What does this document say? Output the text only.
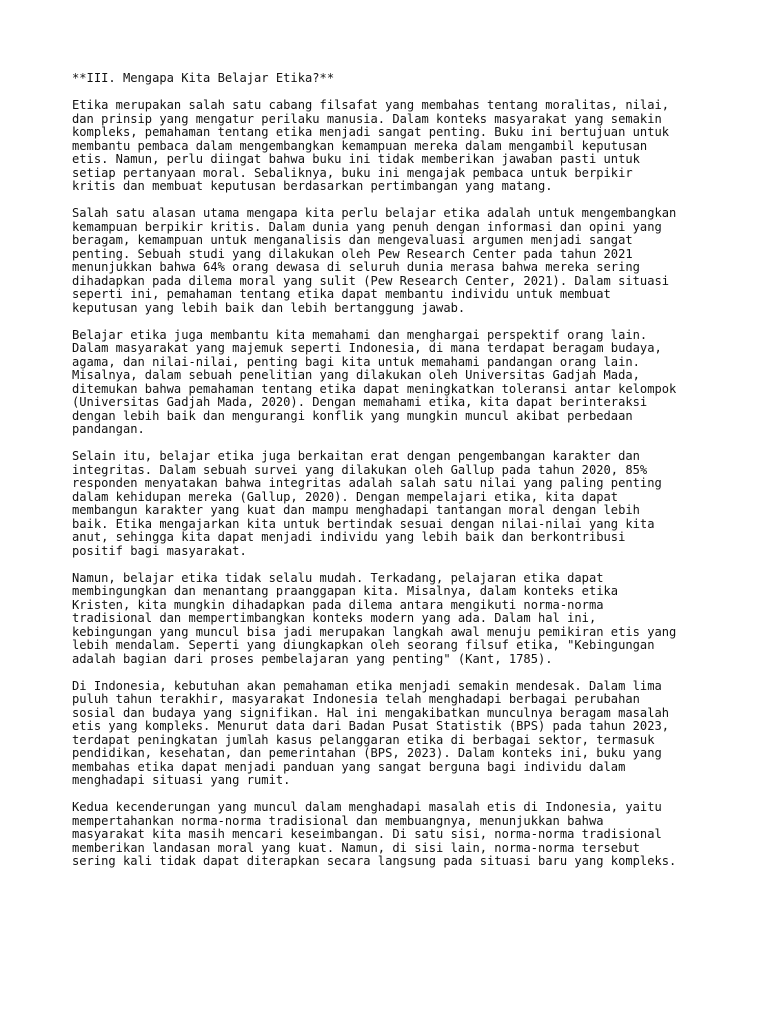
**III. Mengapa Kita Belajar Etika?**
Etika merupakan salah satu cabang filsafat yang membahas tentang moralitas, nilai,
dan prinsip yang mengatur perilaku manusia. Dalam konteks masyarakat yang semakin
kompleks, pemahaman tentang etika menjadi sangat penting. Buku ini bertujuan untuk
membantu pembaca dalam mengembangkan kemampuan mereka dalam mengambil keputusan
etis. Namun, perlu diingat bahwa buku ini tidak memberikan jawaban pasti untuk
setiap pertanyaan moral. Sebaliknya, buku ini mengajak pembaca untuk berpikir
kritis dan membuat keputusan berdasarkan pertimbangan yang matang.
Salah satu alasan utama mengapa kita perlu belajar etika adalah untuk mengembangkan
kemampuan berpikir kritis. Dalam dunia yang penuh dengan informasi dan opini yang
beragam, kemampuan untuk menganalisis dan mengevaluasi argumen menjadi sangat
penting. Sebuah studi yang dilakukan oleh Pew Research Center pada tahun 2021
menunjukkan bahwa 64% orang dewasa di seluruh dunia merasa bahwa mereka sering
dihadapkan pada dilema moral yang sulit (Pew Research Center, 2021). Dalam situasi
seperti ini, pemahaman tentang etika dapat membantu individu untuk membuat
keputusan yang lebih baik dan lebih bertanggung jawab.
Belajar etika juga membantu kita memahami dan menghargai perspektif orang lain.
Dalam masyarakat yang majemuk seperti Indonesia, di mana terdapat beragam budaya,
agama, dan nilai-nilai, penting bagi kita untuk memahami pandangan orang lain.
Misalnya, dalam sebuah penelitian yang dilakukan oleh Universitas Gadjah Mada,
ditemukan bahwa pemahaman tentang etika dapat meningkatkan toleransi antar kelompok
(Universitas Gadjah Mada, 2020). Dengan memahami etika, kita dapat berinteraksi
dengan lebih baik dan mengurangi konflik yang mungkin muncul akibat perbedaan
pandangan.
Selain itu, belajar etika juga berkaitan erat dengan pengembangan karakter dan
integritas. Dalam sebuah survei yang dilakukan oleh Gallup pada tahun 2020, 85%
responden menyatakan bahwa integritas adalah salah satu nilai yang paling penting
dalam kehidupan mereka (Gallup, 2020). Dengan mempelajari etika, kita dapat
membangun karakter yang kuat dan mampu menghadapi tantangan moral dengan lebih
baik. Etika mengajarkan kita untuk bertindak sesuai dengan nilai-nilai yang kita
anut, sehingga kita dapat menjadi individu yang lebih baik dan berkontribusi
positif bagi masyarakat.
Namun, belajar etika tidak selalu mudah. Terkadang, pelajaran etika dapat
membingungkan dan menantang praanggapan kita. Misalnya, dalam konteks etika
Kristen, kita mungkin dihadapkan pada dilema antara mengikuti norma-norma
tradisional dan mempertimbangkan konteks modern yang ada. Dalam hal ini,
kebingungan yang muncul bisa jadi merupakan langkah awal menuju pemikiran etis yang
lebih mendalam. Seperti yang diungkapkan oleh seorang filsuf etika, "Kebingungan
adalah bagian dari proses pembelajaran yang penting" (Kant, 1785).
Di Indonesia, kebutuhan akan pemahaman etika menjadi semakin mendesak. Dalam lima
puluh tahun terakhir, masyarakat Indonesia telah menghadapi berbagai perubahan
sosial dan budaya yang signifikan. Hal ini mengakibatkan munculnya beragam masalah
etis yang kompleks. Menurut data dari Badan Pusat Statistik (BPS) pada tahun 2023,
terdapat peningkatan jumlah kasus pelanggaran etika di berbagai sektor, termasuk
pendidikan, kesehatan, dan pemerintahan (BPS, 2023). Dalam konteks ini, buku yang
membahas etika dapat menjadi panduan yang sangat berguna bagi individu dalam
menghadapi situasi yang rumit.
Kedua kecenderungan yang muncul dalam menghadapi masalah etis di Indonesia, yaitu
mempertahankan norma-norma tradisional dan membuangnya, menunjukkan bahwa
masyarakat kita masih mencari keseimbangan. Di satu sisi, norma-norma tradisional
memberikan landasan moral yang kuat. Namun, di sisi lain, norma-norma tersebut
sering kali tidak dapat diterapkan secara langsung pada situasi baru yang kompleks.
